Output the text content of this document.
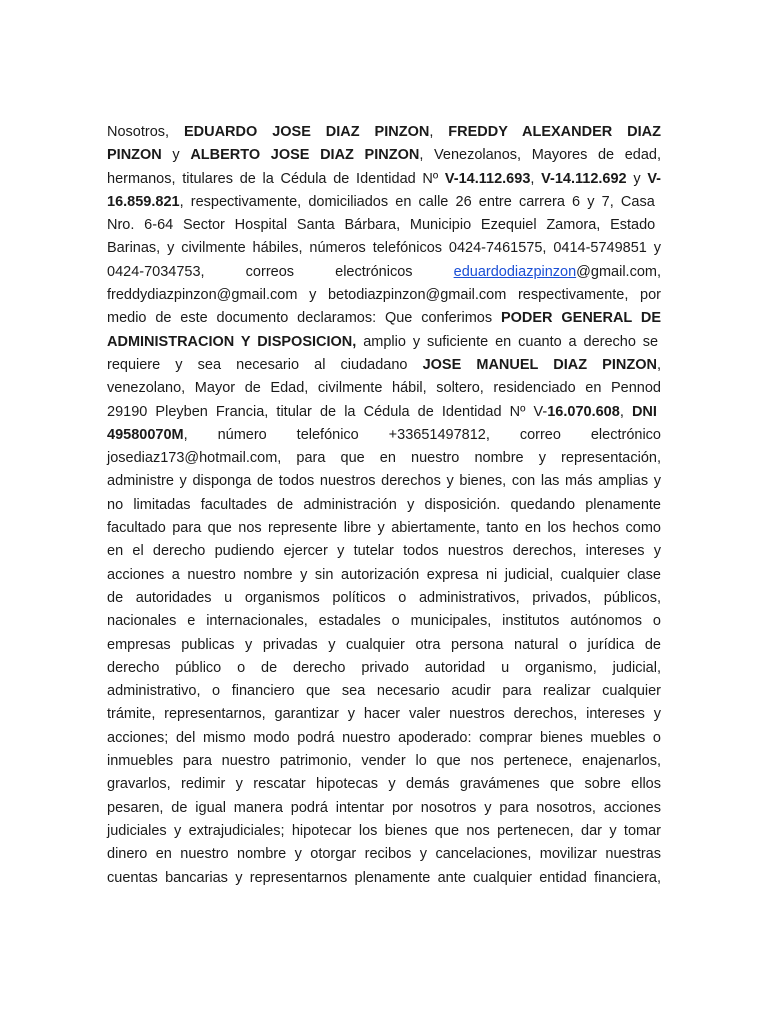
Nosotros, EDUARDO JOSE DIAZ PINZON, FREDDY ALEXANDER DIAZ
PINZON y ALBERTO JOSE DIAZ PINZON, Venezolanos, Mayores de edad,
hermanos, titulares de la Cédula de Identidad Nº V-14.112.693, V-14.112.692 y V-
16.859.821, respectivamente, domiciliados en calle 26 entre carrera 6 y 7, Casa
Nro. 6-64 Sector Hospital Santa Bárbara, Municipio Ezequiel Zamora, Estado
Barinas, y civilmente hábiles, números telefónicos 0424-7461575, 0414-5749851 y
0424-7034753, correos electrónicos eduardodiazpinzon@gmail.com,
freddydiazpinzon@gmail.com y betodiazpinzon@gmail.com respectivamente, por
medio de este documento declaramos: Que conferimos PODER GENERAL DE
ADMINISTRACION Y DISPOSICION, amplio y suficiente en cuanto a derecho se
requiere y sea necesario al ciudadano JOSE MANUEL DIAZ PINZON,
venezolano, Mayor de Edad, civilmente hábil, soltero, residenciado en Pennod
29190 Pleyben Francia, titular de la Cédula de Identidad Nº V-16.070.608, DNI
49580070M, número telefónico +33651497812, correo electrónico
josediaz173@hotmail.com, para que en nuestro nombre y representación,
administre y disponga de todos nuestros derechos y bienes, con las más amplias y
no limitadas facultades de administración y disposición. quedando plenamente
facultado para que nos represente libre y abiertamente, tanto en los hechos como
en el derecho pudiendo ejercer y tutelar todos nuestros derechos, intereses y
acciones a nuestro nombre y sin autorización expresa ni judicial, cualquier clase
de autoridades u organismos políticos o administrativos, privados, públicos,
nacionales e internacionales, estadales o municipales, institutos autónomos o
empresas publicas y privadas y cualquier otra persona natural o jurídica de
derecho público o de derecho privado autoridad u organismo, judicial,
administrativo, o financiero que sea necesario acudir para realizar cualquier
trámite, representarnos, garantizar y hacer valer nuestros derechos, intereses y
acciones; del mismo modo podrá nuestro apoderado: comprar bienes muebles o
inmuebles para nuestro patrimonio, vender lo que nos pertenece, enajenarlos,
gravarlos, redimir y rescatar hipotecas y demás gravámenes que sobre ellos
pesaren, de igual manera podrá intentar por nosotros y para nosotros, acciones
judiciales y extrajudiciales; hipotecar los bienes que nos pertenecen, dar y tomar
dinero en nuestro nombre y otorgar recibos y cancelaciones, movilizar nuestras
cuentas bancarias y representarnos plenamente ante cualquier entidad financiera,
